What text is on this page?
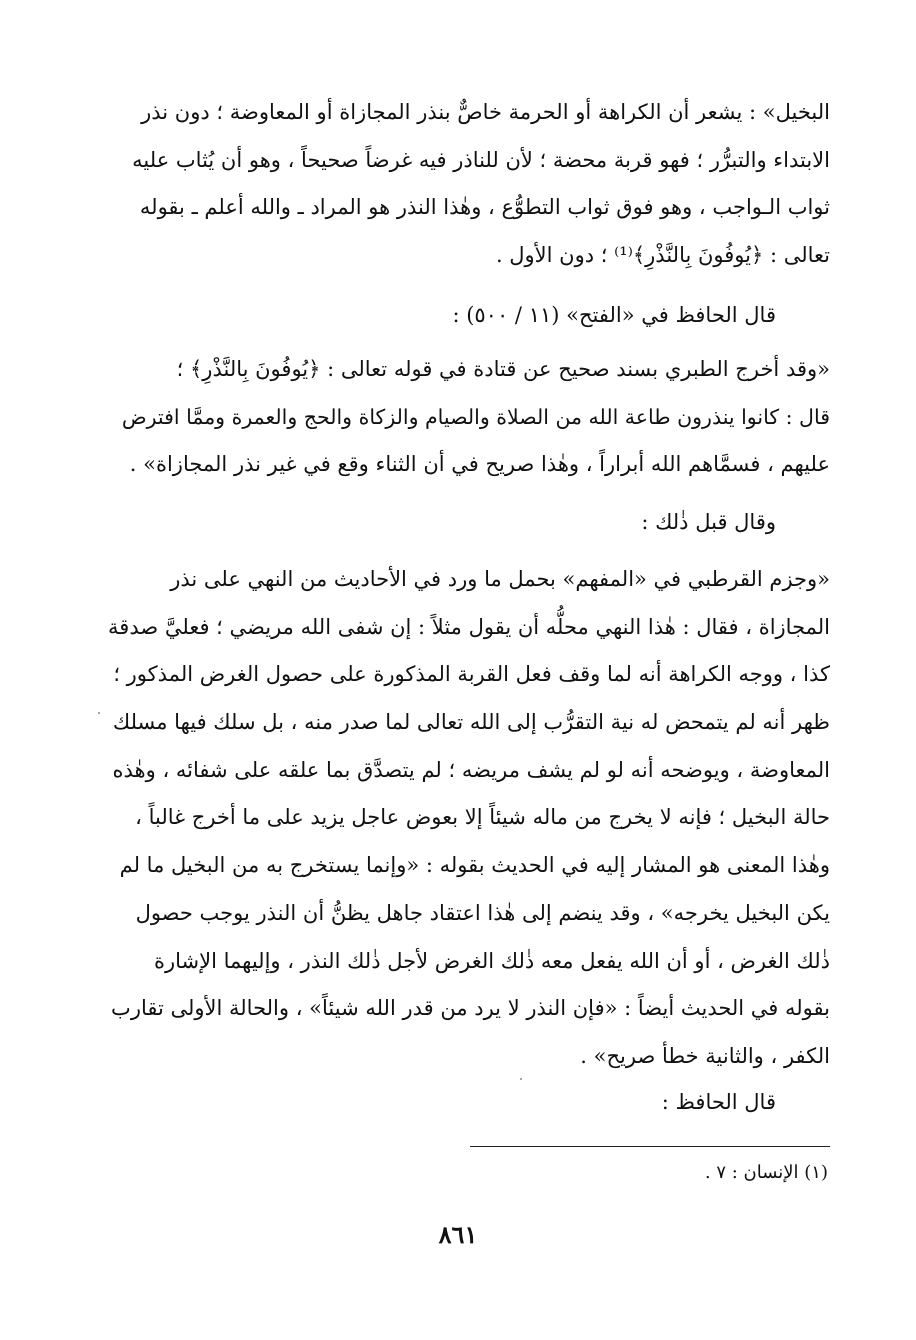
البخيل» : يشعر أن الكراهة أو الحرمة خاصٌّ بنذر المجازاة أو المعاوضة ؛ دون نذر
الابتداء والتبرُّر ؛ فهو قربة محضة ؛ لأن للناذر فيه غرضاً صحيحاً ، وهو أن يُثاب عليه
ثواب الـواجب ، وهو فوق ثواب التطوُّع ، وهٰذا النذر هو المراد ـ والله أعلم ـ بقوله
تعالى : ﴿يُوفُونَ بِالنَّذْرِ﴾⁽¹⁾ ؛ دون الأول .
قال الحافظ في «الفتح» (١١ / ٥٠٠) :
«وقد أخرج الطبري بسند صحيح عن قتادة في قوله تعالى : ﴿يُوفُونَ بِالنَّذْرِ﴾ ؛
قال : كانوا ينذرون طاعة الله من الصلاة والصيام والزكاة والحج والعمرة وممَّا افترض
عليهم ، فسمَّاهم الله أبراراً ، وهٰذا صريح في أن الثناء وقع في غير نذر المجازاة» .
وقال قبل ذٰلك :
«وجزم القرطبي في «المفهم» بحمل ما ورد في الأحاديث من النهي على نذر
المجازاة ، فقال : هٰذا النهي محلُّه أن يقول مثلاً : إن شفى الله مريضي ؛ فعليَّ صدقة
كذا ، ووجه الكراهة أنه لما وقف فعل القربة المذكورة على حصول الغرض المذكور ؛
ظهر أنه لم يتمحض له نية التقرُّب إلى الله تعالى لما صدر منه ، بل سلك فيها مسلك
المعاوضة ، ويوضحه أنه لو لم يشف مريضه ؛ لم يتصدَّق بما علقه على شفائه ، وهٰذه
حالة البخيل ؛ فإنه لا يخرج من ماله شيئاً إلا بعوض عاجل يزيد على ما أخرج غالباً ،
وهٰذا المعنى هو المشار إليه في الحديث بقوله : «وإنما يستخرج به من البخيل ما لم
يكن البخيل يخرجه» ، وقد ينضم إلى هٰذا اعتقاد جاهل يظنُّ أن النذر يوجب حصول
ذٰلك الغرض ، أو أن الله يفعل معه ذٰلك الغرض لأجل ذٰلك النذر ، وإليهما الإشارة
بقوله في الحديث أيضاً : «فإن النذر لا يرد من قدر الله شيئاً» ، والحالة الأولى تقارب
الكفر ، والثانية خطأ صريح» .
قال الحافظ :
(١) الإنسان : ٧ .
٨٦١
